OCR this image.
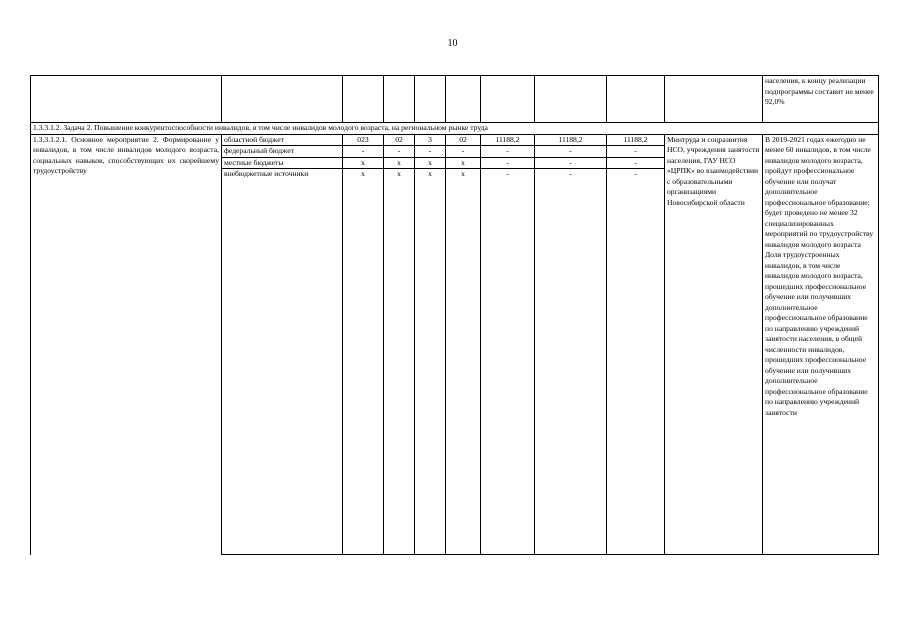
10
										населения, к концу реализации подпрограммы составит не менее 92,0%
1.3.3.1.2. Задача 2. Повышение конкурентоспособности инвалидов, в том числе инвалидов молодого возраста, на региональном рынке труда										
1.3.3.1.2.1. Основное мероприятие 2. Формирование у инвалидов, в том числе инвалидов молодого возраста, социальных навыков, способствующих их скорейшему трудоустройству	областной бюджет	023	02	3	02	11188,2	11188,2	11188,2	Минтруда и соцразвития НСО, учреждения занятости населения, ГАУ НСО «ЦРПК» во взаимодействии с образовательными организациями Новосибирской области	В 2019-2021 годах ежегодно не менее 60 инвалидов, в том числе инвалидов молодого возраста, пройдут профессиональное обучение или получат дополнительное профессиональное образование; будет проведено не менее 32 специализированных мероприятий по трудоустройству инвалидов молодого возраста
Доля трудоустроенных инвалидов, в том числе инвалидов молодого возраста, прошедших профессиональное обучение или получивших дополнительное профессиональное образование по направлению учреждений занятости населения, в общей численности инвалидов, прошедших профессиональное обучение или получивших дополнительное профессиональное образование по направлению учреждений занятости
	федеральный бюджет	-	-	-	-	-	-	-		
	местные бюджеты	х	х	х	х	-	-	-		
	внебюджетные источники	х	х	х	х	-	-	-		
